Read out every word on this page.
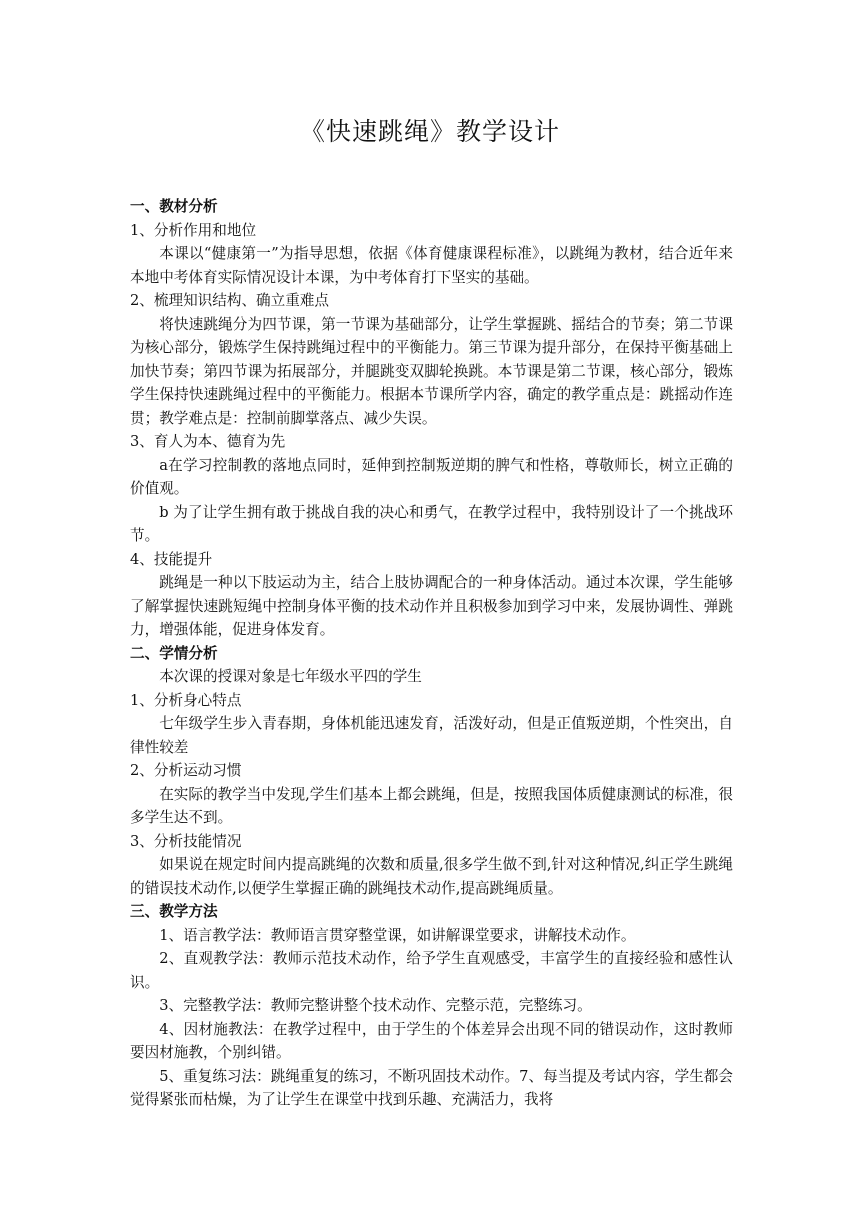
《快速跳绳》教学设计
一、教材分析
1、分析作用和地位
本课以“健康第一”为指导思想，依据《体育健康课程标准》，以跳绳为教材，结合近年来本地中考体育实际情况设计本课，为中考体育打下坚实的基础。
2、梳理知识结构、确立重难点
将快速跳绳分为四节课，第一节课为基础部分，让学生掌握跳、摇结合的节奏；第二节课为核心部分，锻炼学生保持跳绳过程中的平衡能力。第三节课为提升部分，在保持平衡基础上加快节奏；第四节课为拓展部分，并腿跳变双脚轮换跳。本节课是第二节课，核心部分，锻炼学生保持快速跳绳过程中的平衡能力。根据本节课所学内容，确定的教学重点是：跳摇动作连贯；教学难点是：控制前脚掌落点、减少失误。
3、育人为本、德育为先
a在学习控制教的落地点同时，延伸到控制叛逆期的脾气和性格，尊敬师长，树立正确的价值观。
b 为了让学生拥有敢于挑战自我的决心和勇气，在教学过程中，我特别设计了一个挑战环节。
4、技能提升
跳绳是一种以下肢运动为主，结合上肢协调配合的一种身体活动。通过本次课，学生能够了解掌握快速跳短绳中控制身体平衡的技术动作并且积极参加到学习中来，发展协调性、弹跳力，增强体能，促进身体发育。
二、学情分析
本次课的授课对象是七年级水平四的学生
1、分析身心特点
七年级学生步入青春期，身体机能迅速发育，活泼好动，但是正值叛逆期，个性突出，自律性较差
2、分析运动习惯
在实际的教学当中发现,学生们基本上都会跳绳，但是，按照我国体质健康测试的标准，很多学生达不到。
3、分析技能情况
如果说在规定时间内提高跳绳的次数和质量,很多学生做不到,针对这种情况,纠正学生跳绳的错误技术动作,以便学生掌握正确的跳绳技术动作,提高跳绳质量。
三、教学方法
1、语言教学法：教师语言贯穿整堂课，如讲解课堂要求，讲解技术动作。
2、直观教学法：教师示范技术动作，给予学生直观感受，丰富学生的直接经验和感性认识。
3、完整教学法：教师完整讲整个技术动作、完整示范，完整练习。
4、因材施教法：在教学过程中，由于学生的个体差异会出现不同的错误动作，这时教师要因材施教，个别纠错。
5、重复练习法：跳绳重复的练习，不断巩固技术动作。7、每当提及考试内容，学生都会觉得紧张而枯燥，为了让学生在课堂中找到乐趣、充满活力，我将
